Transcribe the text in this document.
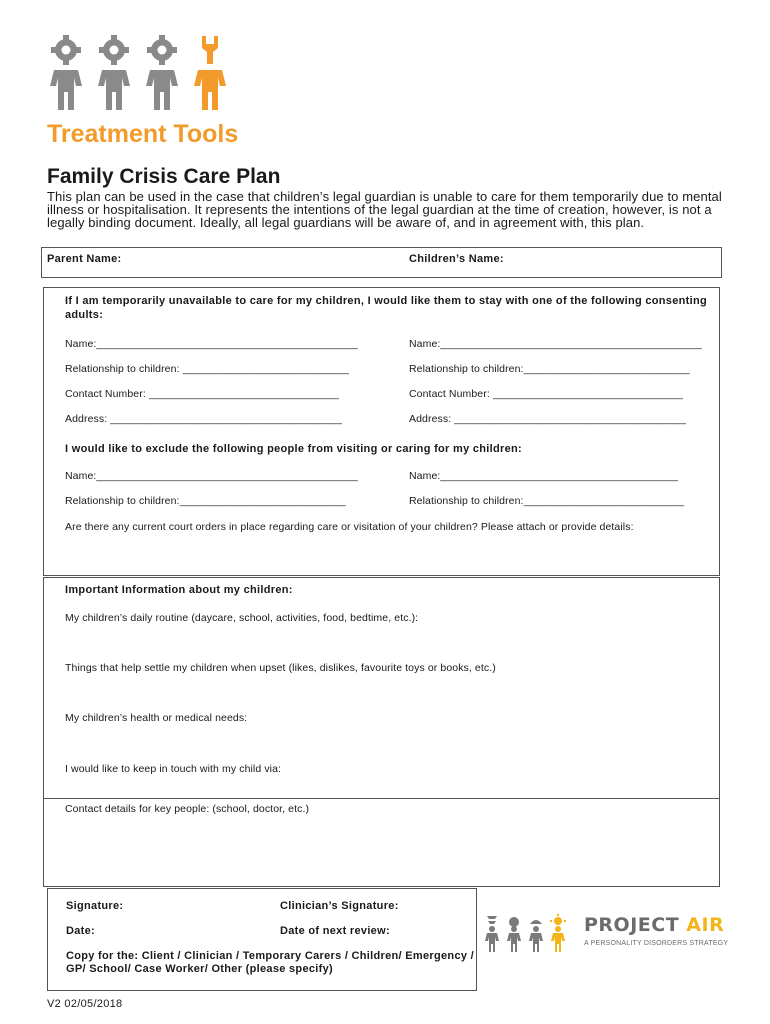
Treatment Tools
Family Crisis Care Plan
This plan can be used in the case that children’s legal guardian is unable to care for them temporarily due to mental illness or hospitalisation. It represents the intentions of the legal guardian at the time of creation, however, is not a legally binding document. Ideally, all legal guardians will be aware of, and in agreement with, this plan.
Parent Name:	Children’s Name:
If I am temporarily unavailable to care for my children, I would like them to stay with one of the following consenting adults:
Name:____________________________________________	Name:____________________________________________
Relationship to children: ____________________________	Relationship to children:____________________________
Contact Number: ________________________________	Contact Number: ________________________________
Address: _______________________________________	Address: _______________________________________
I would like to exclude the following people from visiting or caring for my children:
Name:____________________________________________	Name:________________________________________
Relationship to children:____________________________	Relationship to children:___________________________
Are there any current court orders in place regarding care or visitation of your children? Please attach or provide details:
Important Information about my children:
My children’s daily routine (daycare, school, activities, food, bedtime, etc.):
Things that help settle my children when upset (likes, dislikes, favourite toys or books, etc.)
My children’s health or medical needs:
I would like to keep in touch with my child via:
Contact details for key people: (school, doctor, etc.)
Signature:	Clinician’s Signature:
Date:	Date of next review:
Copy for the: Client / Clinician / Temporary Carers / Children/ Emergency / GP/ School/ Case Worker/ Other (please specify)
PROJECT AIR
A PERSONALITY DISORDERS STRATEGY
V2 02/05/2018
